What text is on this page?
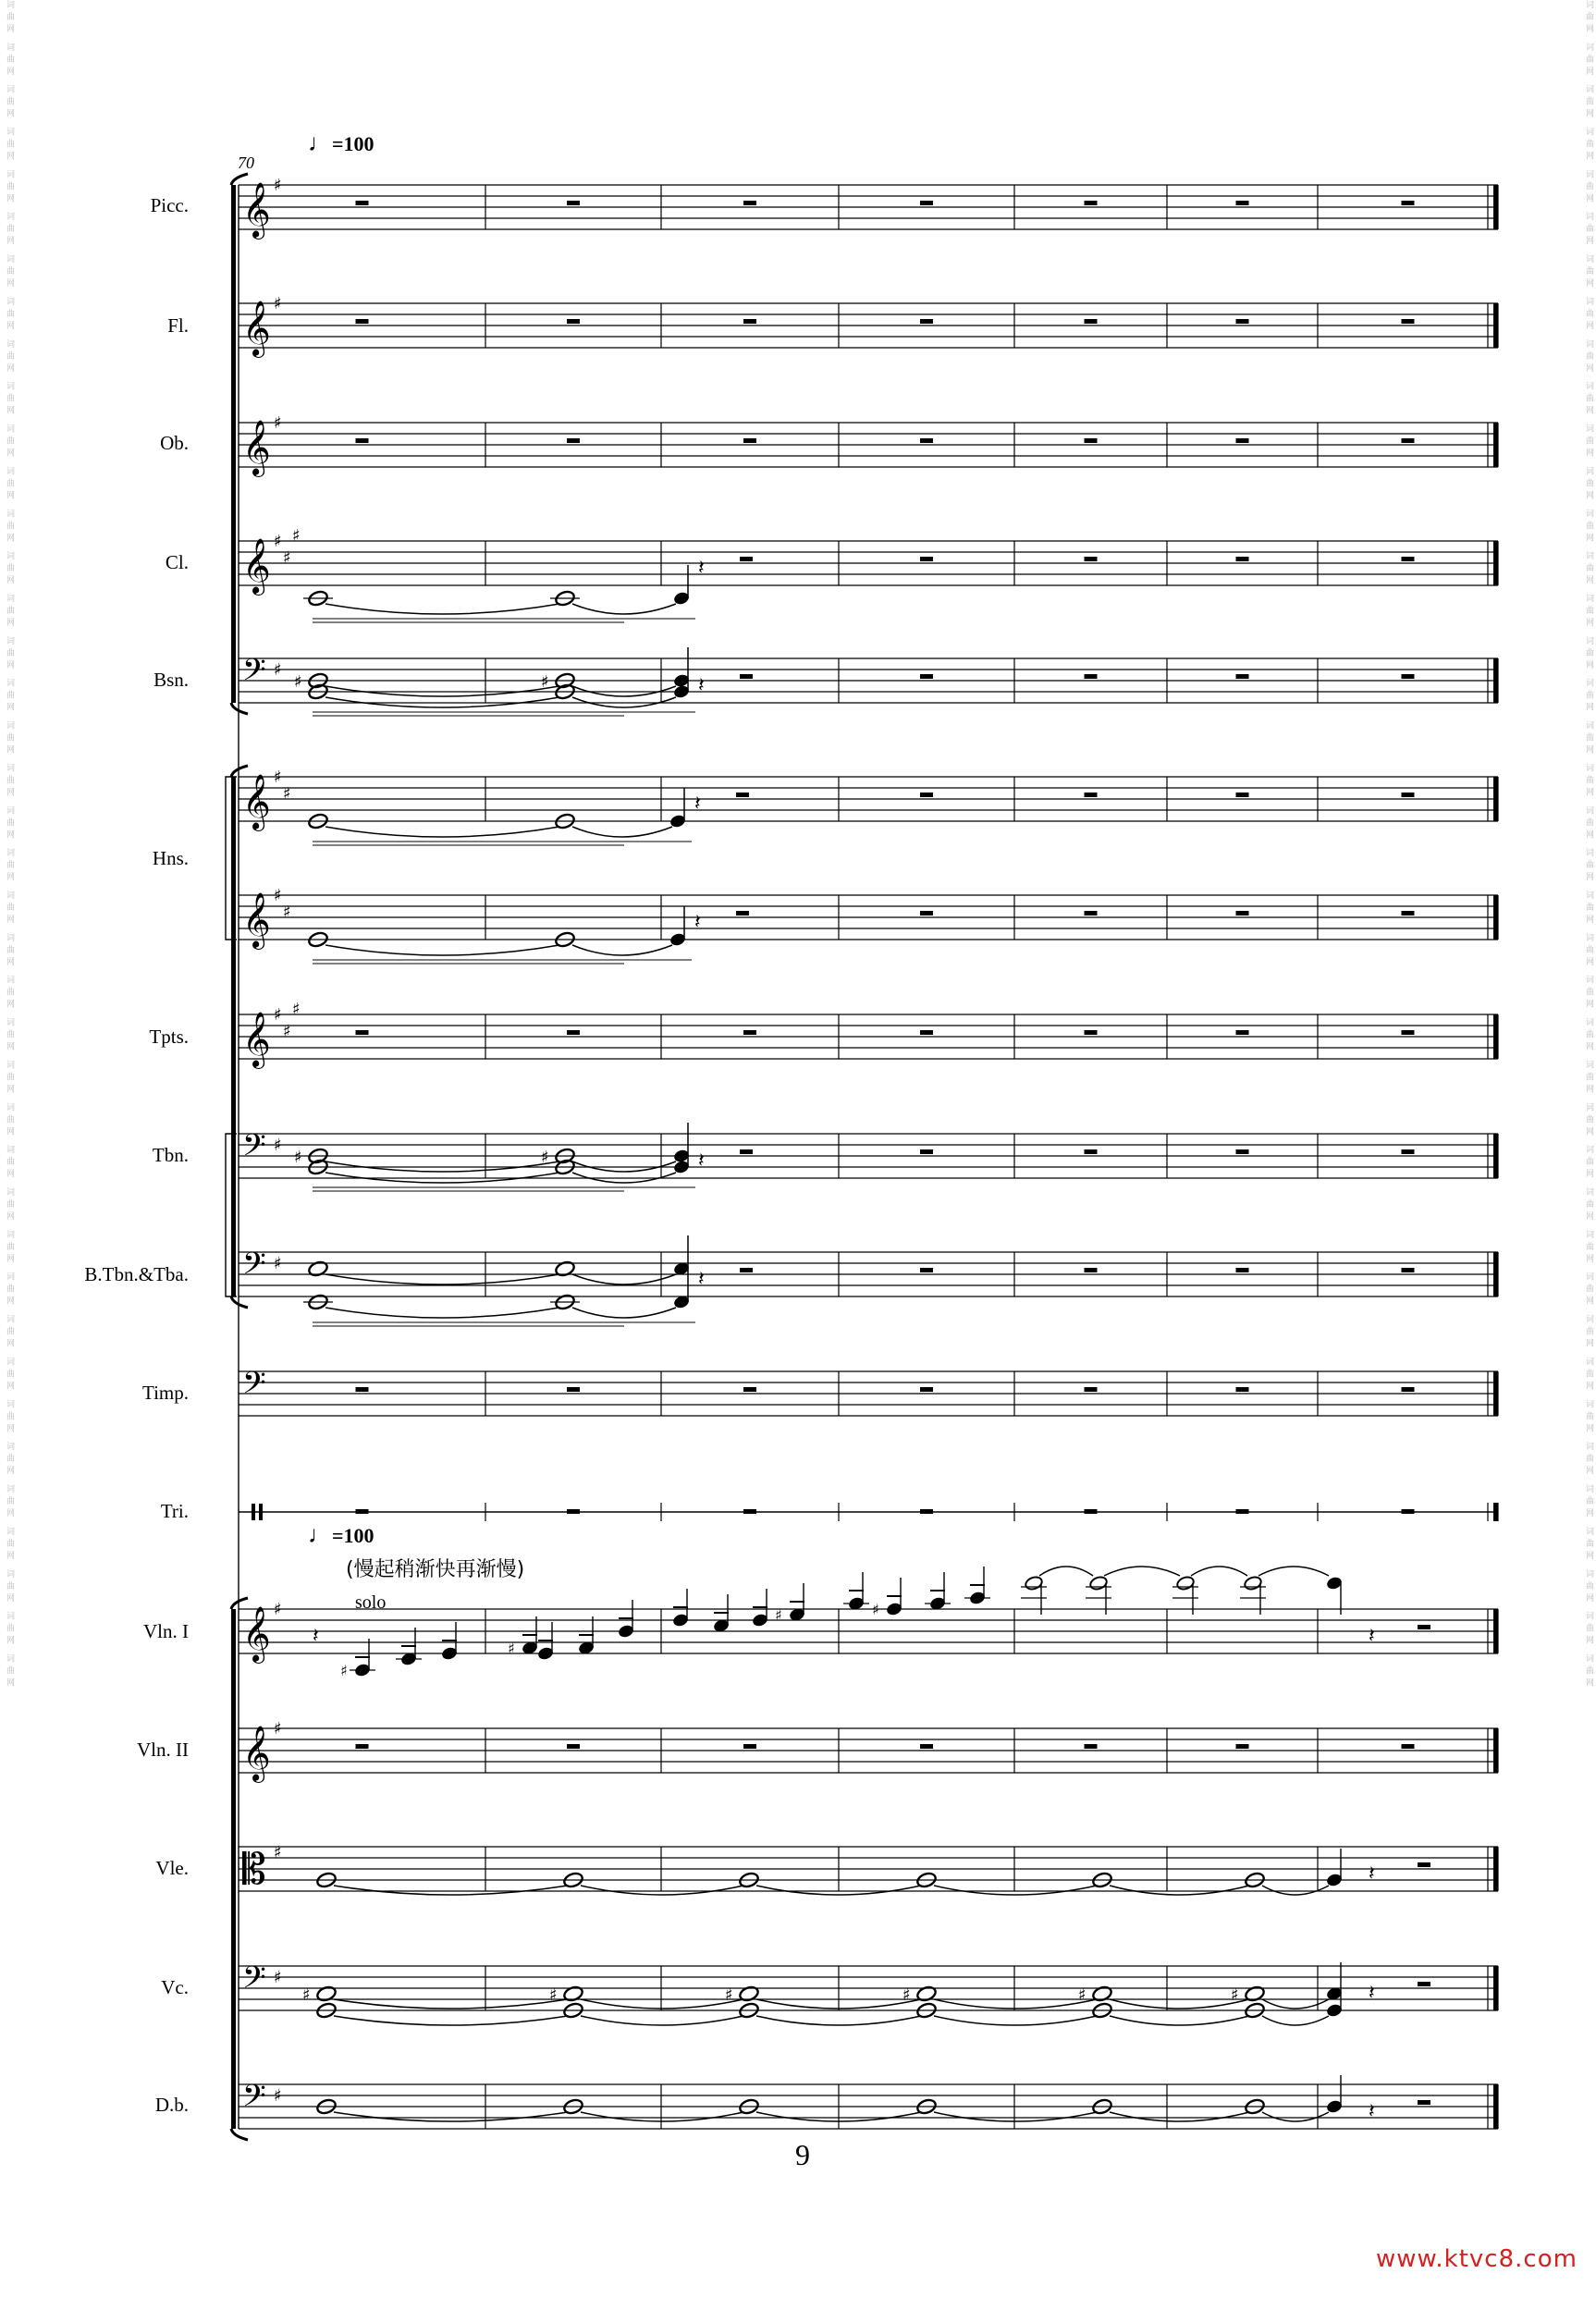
Picc.
Fl.
Ob.
Cl.
Bsn.
Hns.
Tpts.
Tbn.
B.Tbn.&Tba.
Timp.
Tri.
Vln. I
Vln. II
Vle.
Vc.
D.b.
♩=100
70
♩=100
(慢起稍渐快再渐慢)
solo
9
词曲网 词曲网 词曲网 词曲网 词曲网 词曲网 词曲网 词曲网 词曲网 词曲网 词曲网 词曲网 词曲网 词曲网 词曲网 词曲网 词曲网 词曲网 词曲网 词曲网 词曲网 词曲网 词曲网 词曲网 词曲网 词曲网 词曲网 词曲网 词曲网 词曲网 词曲网 词曲网 词曲网 词曲网 词曲网 词曲网 词曲网 词曲网 词曲网 词曲网	词曲网 词曲网 词曲网 词曲网 词曲网 词曲网 词曲网 词曲网 词曲网 词曲网 词曲网 词曲网 词曲网 词曲网 词曲网 词曲网 词曲网 词曲网 词曲网 词曲网 词曲网 词曲网 词曲网 词曲网 词曲网 词曲网 词曲网 词曲网 词曲网 词曲网 词曲网 词曲网 词曲网 词曲网 词曲网 词曲网 词曲网 词曲网 词曲网 词曲网
www.ktvc8.com
𝄞 ♯
𝄞 ♯
𝄞 ♯
𝄞 ♯
♯
♯
𝄢 ♯
𝄞 ♯
♯
𝄞 ♯
♯
𝄞 ♯
♯
♯
𝄢 ♯
𝄢 ♯
𝄢
𝄞 ♯
𝄞 ♯
𝄡 ♯
𝄢 ♯
𝄢 ♯
𝄽
♯	♯	𝄽
𝄽
𝄽
♯	♯	𝄽
𝄽
𝄽
♯
♯
♯	♯
𝄽
𝄽
♯	♯	♯	♯	♯	♯	𝄽
𝄽
